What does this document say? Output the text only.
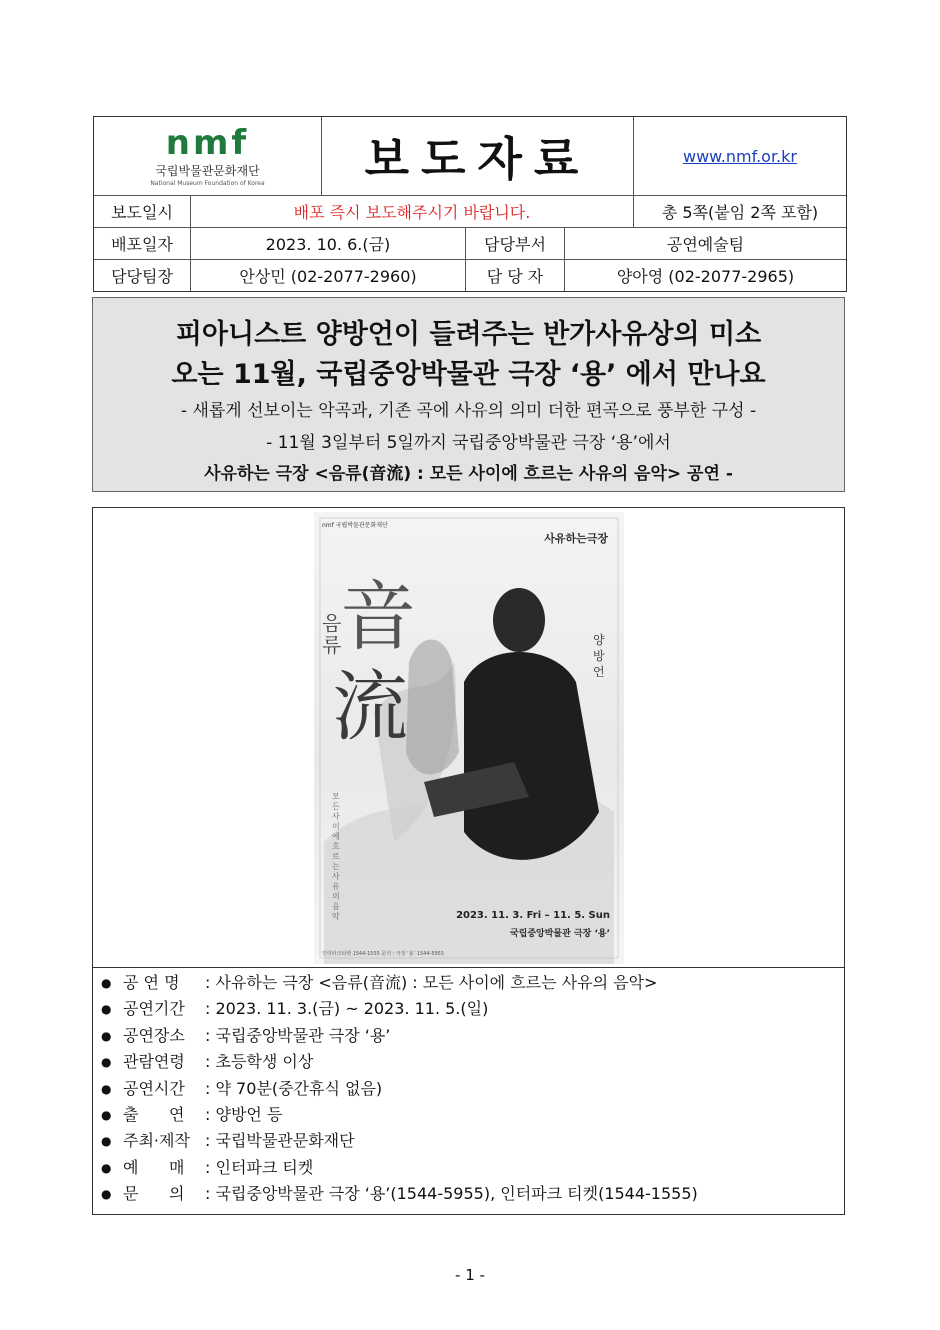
nmf
국립박물관문화재단
National Museum Foundation of Korea 보도자료	www.nmf.or.kr
보도일시	배포 즉시 보도해주시기 바랍니다.	총 5쪽(붙임 2쪽 포함)
배포일자	2023. 10. 6.(금)	담당부서	공연예술팀
담당팀장	안상민 (02-2077-2960)	담 당 자	양아영 (02-2077-2965)
피아니스트 양방언이 들려주는 반가사유상의 미소
오는 11월, 국립중앙박물관 극장 ‘용’ 에서 만나요
- 새롭게 선보이는 악곡과, 기존 곡에 사유의 의미 더한 편곡으로 풍부한 구성 -
- 11월 3일부터 5일까지 국립중앙박물관 극장 ‘용’에서
사유하는 극장 <음류(音流) : 모든 사이에 흐르는 사유의 음악> 공연 -
nmf 국립박물관문화재단
사유하는극장
音
流
음류	양방언
모든 사이에 흐르는 사유의 음악	2023. 11. 3. Fri – 11. 5. Sun
국립중앙박물관 극장 ‘용’
인터파크티켓 1544-1555 문의 : 극장 ‘용’ 1544-5955
● 공 연 명	: 사유하는 극장 <음류(音流) : 모든 사이에 흐르는 사유의 음악>
● 공연기간	: 2023. 11. 3.(금) ~ 2023. 11. 5.(일)
● 공연장소	: 국립중앙박물관 극장 ‘용’
● 관람연령	: 초등학생 이상
● 공연시간	: 약 70분(중간휴식 없음)
● 출      연	: 양방언 등
● 주최·제작 : 국립박물관문화재단
● 예      매	: 인터파크 티켓
● 문      의	: 국립중앙박물관 극장 ‘용’(1544-5955), 인터파크 티켓(1544-1555)
- 1 -
